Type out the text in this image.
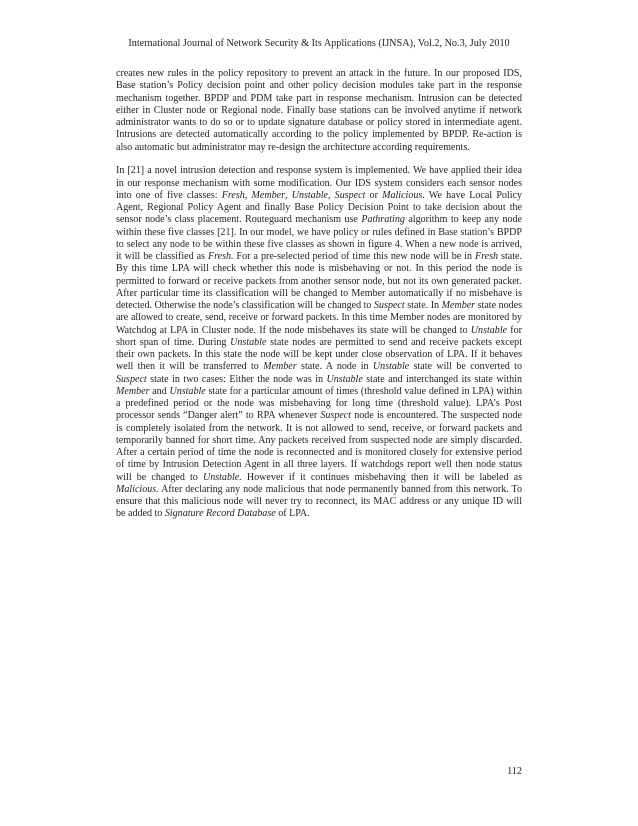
International Journal of Network Security & Its Applications (IJNSA), Vol.2, No.3, July 2010

creates new rules in the policy repository to prevent an attack in the future. In our proposed IDS, Base station’s Policy decision point and other policy decision modules take part in the response mechanism together. BPDP and PDM take part in response mechanism. Intrusion can be detected either in Cluster node or Regional node. Finally base stations can be involved anytime if network administrator wants to do so or to update signature database or policy stored in intermediate agent. Intrusions are detected automatically according to the policy implemented by BPDP. Re-action is also automatic but administrator may re-design the architecture according requirements.

In [21] a novel intrusion detection and response system is implemented. We have applied their idea in our response mechanism with some modification. Our IDS system considers each sensor nodes into one of five classes: Fresh, Member, Unstable, Suspect or Malicious. We have Local Policy Agent, Regional Policy Agent and finally Base Policy Decision Point to take decision about the sensor node’s class placement. Routeguard mechanism use Pathrating algorithm to keep any node within these five classes [21]. In our model, we have policy or rules defined in Base station’s BPDP to select any node to be within these five classes as shown in figure 4. When a new node is arrived, it will be classified as Fresh. For a pre-selected period of time this new node will be in Fresh state. By this time LPA will check whether this node is misbehaving or not. In this period the node is permitted to forward or receive packets from another sensor node, but not its own generated packet. After particular time its classification will be changed to Member automatically if no misbehave is detected. Otherwise the node’s classification will be changed to Suspect state. In Member state nodes are allowed to create, send, receive or forward packets. In this time Member nodes are monitored by Watchdog at LPA in Cluster node. If the node misbehaves its state will be changed to Unstable for short span of time. During Unstable state nodes are permitted to send and receive packets except their own packets. In this state the node will be kept under close observation of LPA. If it behaves well then it will be transferred to Member state. A node in Unstable state will be converted to Suspect state in two cases: Either the node was in Unstable state and interchanged its state within Member and Unstable state for a particular amount of times (threshold value defined in LPA) within a predefined period or the node was misbehaving for long time (threshold value). LPA’s Post processor sends “Danger alert” to RPA whenever Suspect node is encountered. The suspected node is completely isolated from the network. It is not allowed to send, receive, or forward packets and temporarily banned for short time. Any packets received from suspected node are simply discarded. After a certain period of time the node is reconnected and is monitored closely for extensive period of time by Intrusion Detection Agent in all three layers. If watchdogs report well then node status will be changed to Unstable. However if it continues misbehaving then it will be labeled as Malicious. After declaring any node malicious that node permanently banned from this network. To ensure that this malicious node will never try to reconnect, its MAC address or any unique ID will be added to Signature Record Database of LPA.

112
